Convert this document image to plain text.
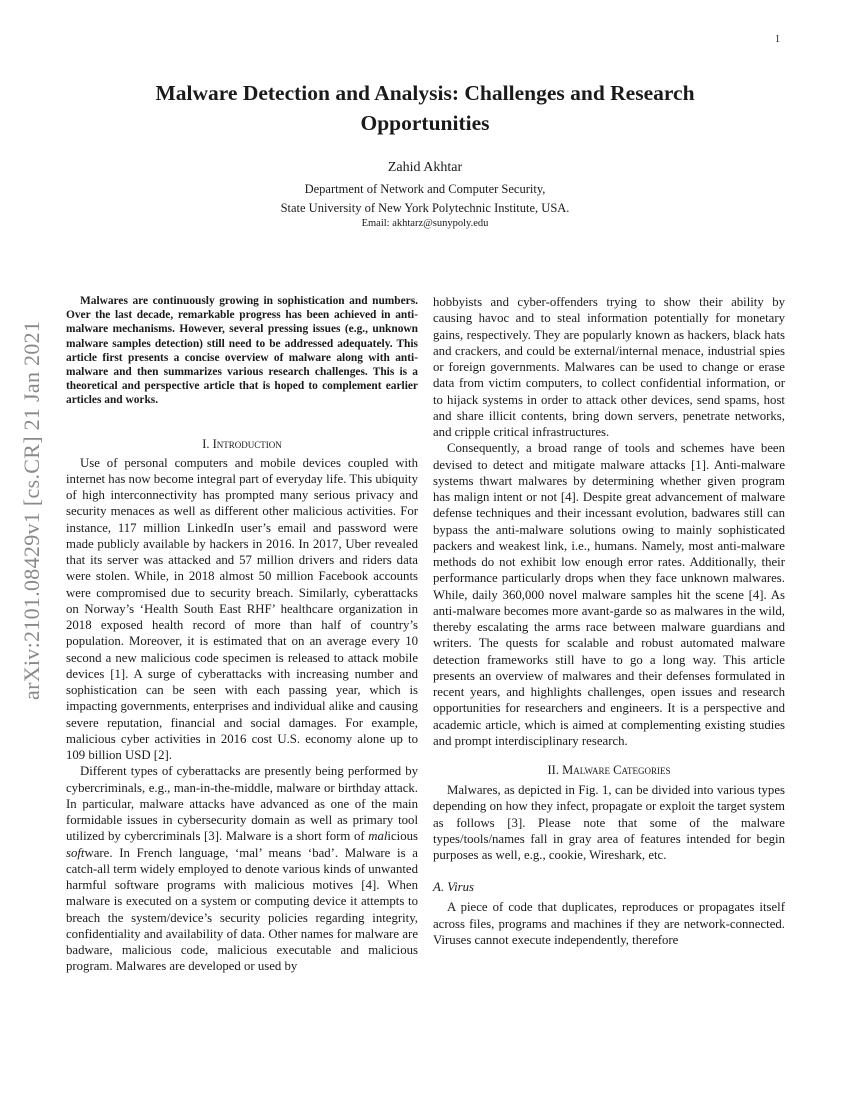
1
arXiv:2101.08429v1 [cs.CR] 21 Jan 2021
Malware Detection and Analysis: Challenges and Research Opportunities
Zahid Akhtar
Department of Network and Computer Security,
State University of New York Polytechnic Institute, USA.
Email: akhtarz@sunypoly.edu

Malwares are continuously growing in sophistication and numbers. Over the last decade, remarkable progress has been achieved in anti-malware mechanisms. However, several pressing issues (e.g., unknown malware samples detection) still need to be addressed adequately. This article first presents a concise overview of malware along with anti-malware and then summarizes various research challenges. This is a theoretical and perspective article that is hoped to complement earlier articles and works.

I. Introduction

Use of personal computers and mobile devices coupled with internet has now become integral part of everyday life. This ubiquity of high interconnectivity has prompted many serious privacy and security menaces as well as different other malicious activities. For instance, 117 million LinkedIn user’s email and password were made publicly available by hackers in 2016. In 2017, Uber revealed that its server was attacked and 57 million drivers and riders data were stolen. While, in 2018 almost 50 million Facebook accounts were compromised due to security breach. Similarly, cyberattacks on Norway’s ‘Health South East RHF’ healthcare organization in 2018 exposed health record of more than half of country’s population. Moreover, it is estimated that on an average every 10 second a new malicious code specimen is released to attack mobile devices [1]. A surge of cyberattacks with increasing number and sophistication can be seen with each passing year, which is impacting governments, enterprises and individual alike and causing severe reputation, financial and social damages. For example, malicious cyber activities in 2016 cost U.S. economy alone up to 109 billion USD [2].

Different types of cyberattacks are presently being performed by cybercriminals, e.g., man-in-the-middle, malware or birthday attack. In particular, malware attacks have advanced as one of the main formidable issues in cybersecurity domain as well as primary tool utilized by cybercriminals [3]. Malware is a short form of malicious software. In French language, ‘mal’ means ‘bad’. Malware is a catch-all term widely employed to denote various kinds of unwanted harmful software programs with malicious motives [4]. When malware is executed on a system or computing device it attempts to breach the system/device’s security policies regarding integrity, confidentiality and availability of data. Other names for malware are badware, malicious code, malicious executable and malicious program. Malwares are developed or used by

hobbyists and cyber-offenders trying to show their ability by causing havoc and to steal information potentially for monetary gains, respectively. They are popularly known as hackers, black hats and crackers, and could be external/internal menace, industrial spies or foreign governments. Malwares can be used to change or erase data from victim computers, to collect confidential information, or to hijack systems in order to attack other devices, send spams, host and share illicit contents, bring down servers, penetrate networks, and cripple critical infrastructures.

Consequently, a broad range of tools and schemes have been devised to detect and mitigate malware attacks [1]. Anti-malware systems thwart malwares by determining whether given program has malign intent or not [4]. Despite great advancement of malware defense techniques and their incessant evolution, badwares still can bypass the anti-malware solutions owing to mainly sophisticated packers and weakest link, i.e., humans. Namely, most anti-malware methods do not exhibit low enough error rates. Additionally, their performance particularly drops when they face unknown malwares. While, daily 360,000 novel malware samples hit the scene [4]. As anti-malware becomes more avant-garde so as malwares in the wild, thereby escalating the arms race between malware guardians and writers. The quests for scalable and robust automated malware detection frameworks still have to go a long way. This article presents an overview of malwares and their defenses formulated in recent years, and highlights challenges, open issues and research opportunities for researchers and engineers. It is a perspective and academic article, which is aimed at complementing existing studies and prompt interdisciplinary research.

II. Malware Categories

Malwares, as depicted in Fig. 1, can be divided into various types depending on how they infect, propagate or exploit the target system as follows [3]. Please note that some of the malware types/tools/names fall in gray area of features intended for begin purposes as well, e.g., cookie, Wireshark, etc.

A. Virus

A piece of code that duplicates, reproduces or propagates itself across files, programs and machines if they are network-connected. Viruses cannot execute independently, therefore
